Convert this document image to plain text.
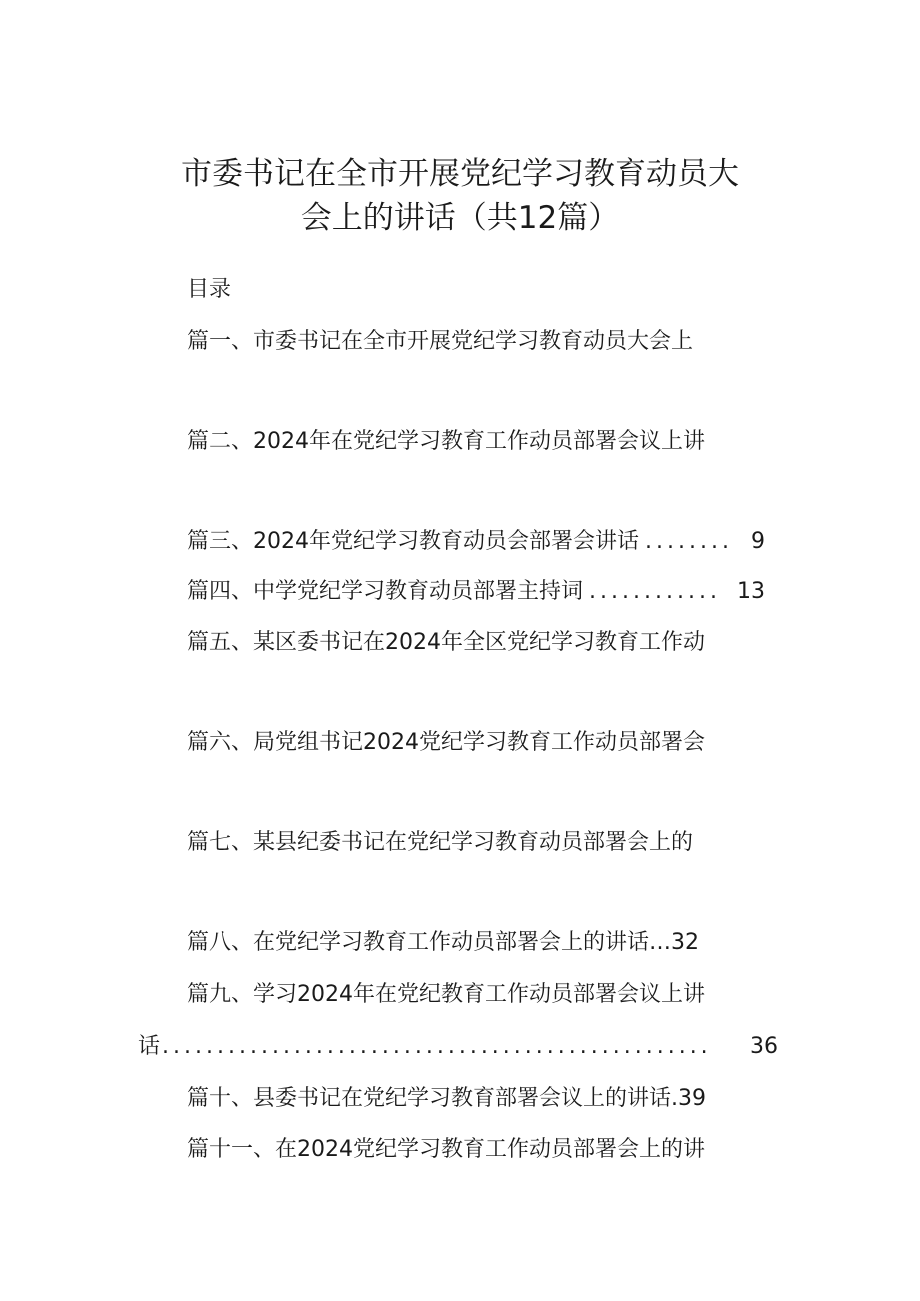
市委书记在全市开展党纪学习教育动员大
会上的讲话（共12篇）
目录
篇一、市委书记在全市开展党纪学习教育动员大会上
篇二、2024年在党纪学习教育工作动员部署会议上讲
篇三、2024年党纪学习教育动员会部署会讲话 ........ 9
篇四、中学党纪学习教育动员部署主持词 ............ 13
篇五、某区委书记在2024年全区党纪学习教育工作动
篇六、局党组书记2024党纪学习教育工作动员部署会
篇七、某县纪委书记在党纪学习教育动员部署会上的
篇八、在党纪学习教育工作动员部署会上的讲话…32
篇九、学习2024年在党纪教育工作动员部署会议上讲
话 ..................................................	36
篇十、县委书记在党纪学习教育部署会议上的讲话.39
篇十一、在2024党纪学习教育工作动员部署会上的讲
